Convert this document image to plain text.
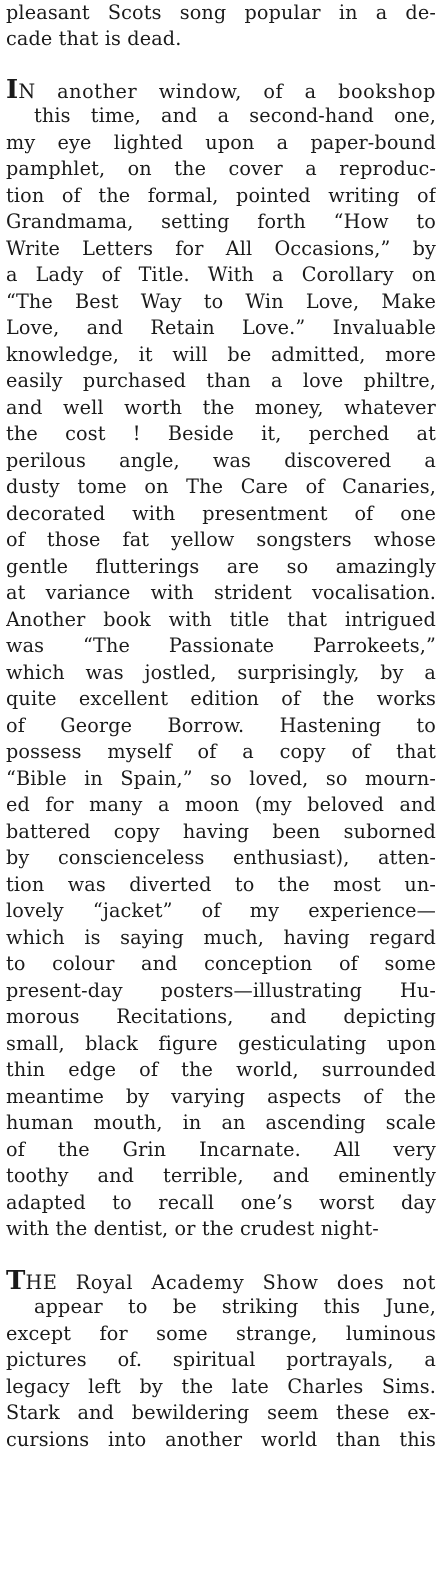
pleasant Scots song popular in a de-
cade that is dead.
IN another window, of a bookshop
this time, and a second-hand one,
my eye lighted upon a paper-bound
pamphlet, on the cover a reproduc-
tion of the formal, pointed writing of
Grandmama, setting forth “How to
Write Letters for All Occasions,” by
a Lady of Title. With a Corollary on
“The Best Way to Win Love, Make
Love, and Retain Love.” Invaluable
knowledge, it will be admitted, more
easily purchased than a love philtre,
and well worth the money, whatever
the cost ! Beside it, perched at
perilous angle, was discovered a
dusty tome on The Care of Canaries,
decorated with presentment of one
of those fat yellow songsters whose
gentle flutterings are so amazingly
at variance with strident vocalisation.
Another book with title that intrigued
was “The Passionate Parrokeets,”
which was jostled, surprisingly, by a
quite excellent edition of the works
of George Borrow. Hastening to
possess myself of a copy of that
“Bible in Spain,” so loved, so mourn-
ed for many a moon (my beloved and
battered copy having been suborned
by conscienceless enthusiast), atten-
tion was diverted to the most un-
lovely “jacket” of my experience—
which is saying much, having regard
to colour and conception of some
present-day posters—illustrating Hu-
morous Recitations, and depicting
small, black figure gesticulating upon
thin edge of the world, surrounded
meantime by varying aspects of the
human mouth, in an ascending scale
of the Grin Incarnate. All very
toothy and terrible, and eminently
adapted to recall one’s worst day
with the dentist, or the crudest night-
THE Royal Academy Show does not
appear to be striking this June,
except for some strange, luminous
pictures of. spiritual portrayals, a
legacy left by the late Charles Sims.
Stark and bewildering seem these ex-
cursions into another world than this
